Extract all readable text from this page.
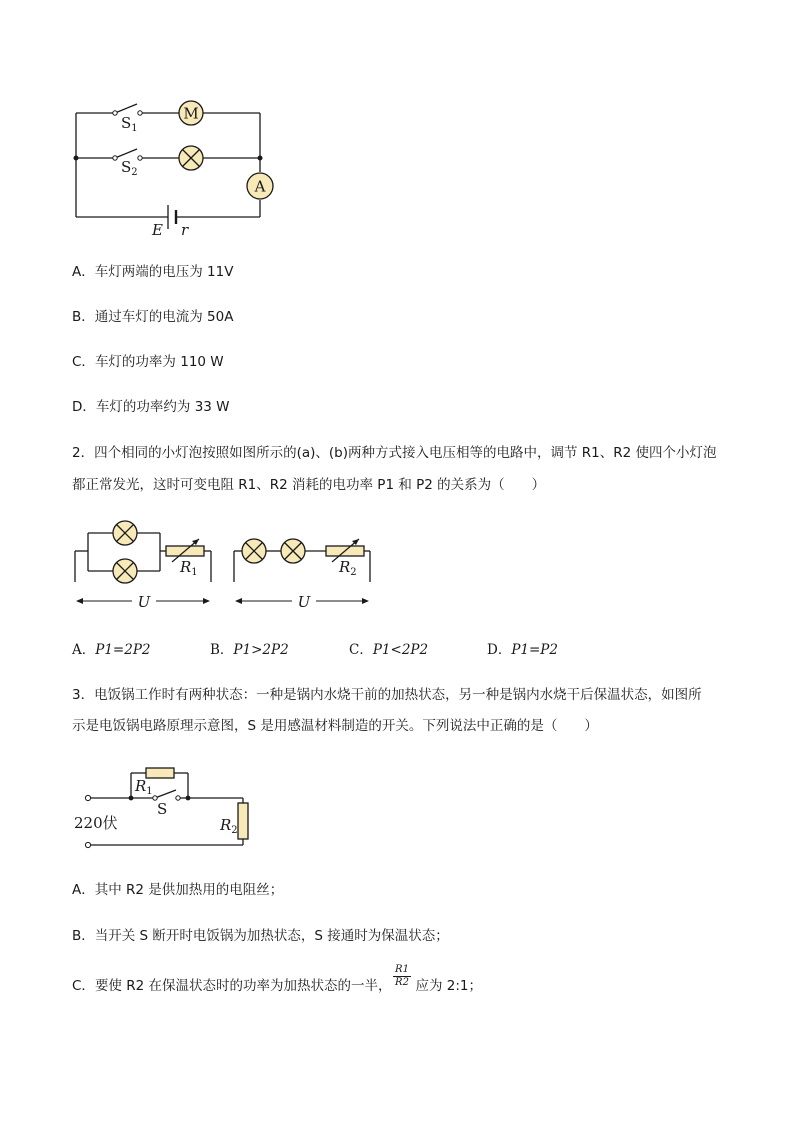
M
A
$S_1$
$S_2$
E r
A．车灯两端的电压为 11V
B．通过车灯的电流为 50A
C．车灯的功率为 110 W
D．车灯的功率约为 33 W
2．四个相同的小灯泡按照如图所示的(a)、(b)两种方式接入电压相等的电路中，调节 R1、R2 使四个小灯泡
都正常发光，这时可变电阻 R1、R2 消耗的电功率 P1 和 P2 的关系为（　　）
U	U
$R_1$	$R_2$
A．P1=2P2	B．P1>2P2	C．P1<2P2	D．P1=P2
3．电饭锅工作时有两种状态：一种是锅内水烧干前的加热状态，另一种是锅内水烧干后保温状态，如图所
示是电饭锅电路原理示意图，S 是用感温材料制造的开关。下列说法中正确的是（　　）
$R_1$
S
220伏	$R_2$
A．其中 R2 是供加热用的电阻丝；
B．当开关 S 断开时电饭锅为加热状态，S 接通时为保温状态；
C．要使 R2 在保温状态时的功率为加热状态的一半， 应为 2:1；
$\frac{R1}{R2}$
